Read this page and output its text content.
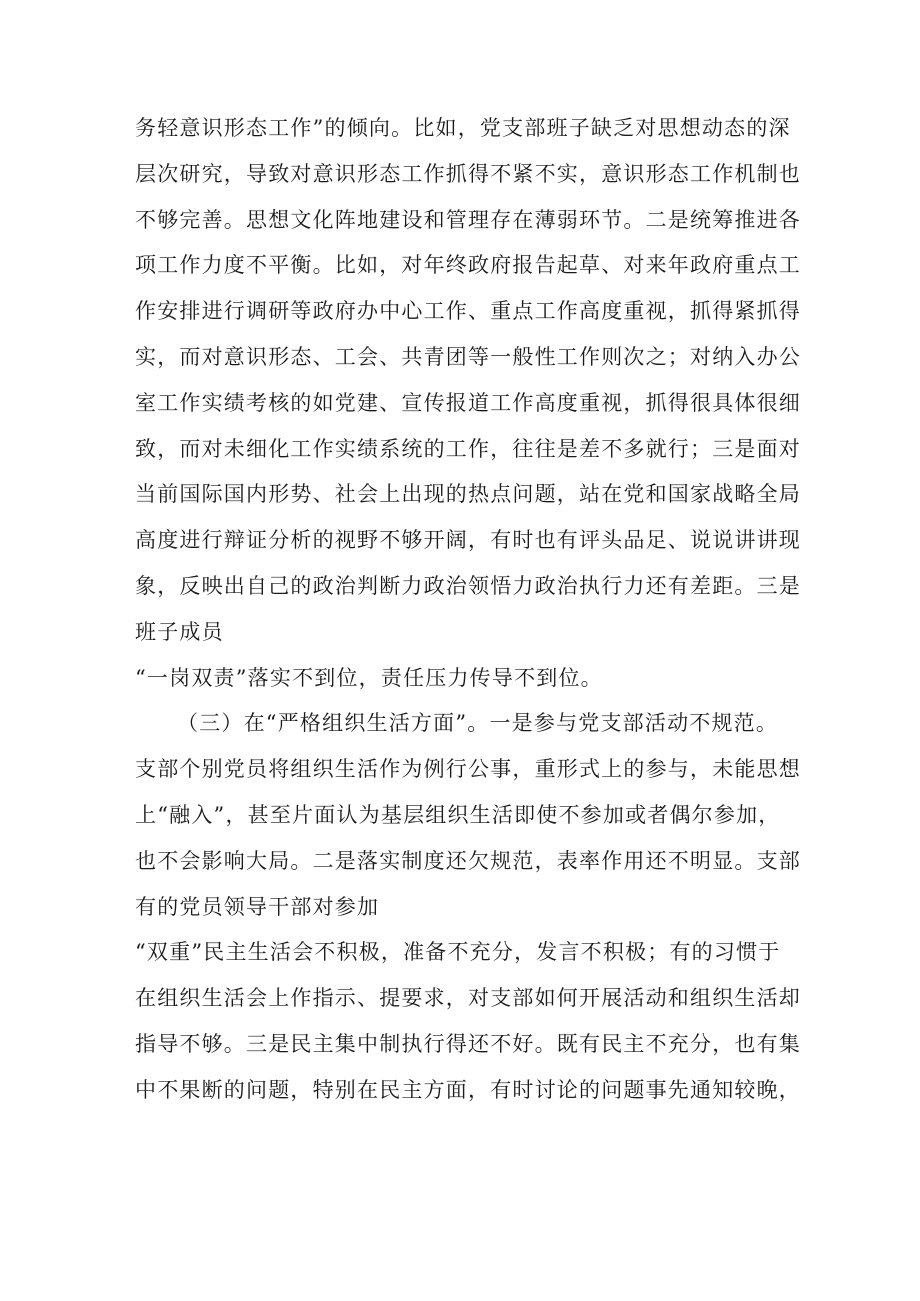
务轻意识形态工作”的倾向。比如，党支部班子缺乏对思想动态的深
层次研究，导致对意识形态工作抓得不紧不实，意识形态工作机制也
不够完善。思想文化阵地建设和管理存在薄弱环节。二是统筹推进各
项工作力度不平衡。比如，对年终政府报告起草、对来年政府重点工
作安排进行调研等政府办中心工作、重点工作高度重视，抓得紧抓得
实，而对意识形态、工会、共青团等一般性工作则次之；对纳入办公
室工作实绩考核的如党建、宣传报道工作高度重视，抓得很具体很细
致，而对未细化工作实绩系统的工作，往往是差不多就行；三是面对
当前国际国内形势、社会上出现的热点问题，站在党和国家战略全局
高度进行辩证分析的视野不够开阔，有时也有评头品足、说说讲讲现
象，反映出自己的政治判断力政治领悟力政治执行力还有差距。三是
班子成员
“一岗双责”落实不到位，责任压力传导不到位。
（三）在“严格组织生活方面”。一是参与党支部活动不规范。
支部个别党员将组织生活作为例行公事，重形式上的参与，未能思想
上“融入”，甚至片面认为基层组织生活即使不参加或者偶尔参加，
也不会影响大局。二是落实制度还欠规范，表率作用还不明显。支部
有的党员领导干部对参加
“双重”民主生活会不积极，准备不充分，发言不积极；有的习惯于
在组织生活会上作指示、提要求，对支部如何开展活动和组织生活却
指导不够。三是民主集中制执行得还不好。既有民主不充分，也有集
中不果断的问题，特别在民主方面，有时讨论的问题事先通知较晚，
